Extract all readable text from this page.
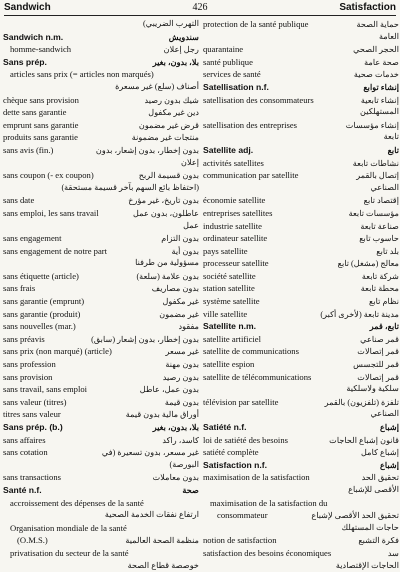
Sandwich	426	Satisfaction
التهرب الضريبي)
Sandwich n.m.	سندويش
homme-sandwich	رجل إعلان
Sans prép.	بلا، بدون، بغير
articles sans prix (= articles non marqués)
أصناف (سلع) غير مسعرة
chèque sans provision	شيك بدون رصيد
dette sans garantie	دين غير مكفول
emprunt sans garantie	قرض غير مضمون
produits sans garantie	منتجات غير مضمونة
sans avis (fin.)	بدون إخطار، بدون إشعار، بدون
إعلان
sans coupon (- ex coupon)	بدون قسيمة الربح
(احتفاظ بائع السهم بآخر قسيمة مستحقة)
sans date	بدون تاريخ، غير مؤرخ
sans emploi, les sans travail	عاطلون، بدون عمل
عمل
sans engagement	بدون التزام
sans engagement de notre part	بدون أية
مسؤولية من طرفنا
sans étiquette (article)	بدون علامة (سلعة)
sans frais	بدون مصاريف
sans garantie (emprunt)	غير مكفول
sans garantie (produit)	غير مضمون
sans nouvelles (mar.)	مفقود
sans préavis	بدون إخطار، بدون إشعار (سابق)
sans prix (non marqué) (article)	غير مسعر
sans profession	بدون مهنة
sans provision	بدون رصيد
sans travail, sans emploi	بدون عمل، عاطل
sans valeur (titres)	بدون قيمة
titres sans valeur	أوراق مالية بدون قيمة
Sans prép. (b.)	بلا، بدون، بغير
sans affaires	كاسد، راكد
sans cotation	غير مسعر، بدون تسعيرة (في
البورصة)
sans transactions	بدون معاملات
Santé n.f.	صحة
accroissement des dépenses de la santé
ارتفاع نفقات الخدمة الصحية
Organisation mondiale de la santé
(O.M.S.)	منظمة الصحة العالمية
privatisation du secteur de la santé
خوصصة قطاع الصحة
protection de la santé publique	حماية الصحة
العامة
quarantaine	الحجر الصحي
santé publique	صحة عامة
services de santé	خدمات صحية
Satellisation n.f.	إنشاء توابع
satellisation des consommateurs	إنشاء تابعية
المستهلكين
satellisation des entreprises	إنشاء مؤسسات
تابعة
Satellite adj.	تابع
activités satellites	نشاطات تابعة
communication par satellite	إتصال بالقمر
الصناعي
économie satellite	إقتصاد تابع
entreprises satellites	مؤسسات تابعة
industrie satellite	صناعة تابعة
ordinateur satellite	حاسوب تابع
pays satellite	بلد تابع
processeur satellite	معالج (مشغل) تابع
société satellite	شركة تابعة
station satellite	محطة تابعة
système satellite	نظام تابع
ville satellite	مدينة تابعة (لأخرى أكبر)
Satellite n.m.	تابع، قمر
satellite artificiel	قمر صناعي
satellite de communications	قمر إتصالات
satellite espion	قمر للتجسس
satellite de télécommunications	قمر إتصالات
سلكية ولاسلكية
télévision par satellite	تلفزة (تلفزيون) بالقمر
الصناعي
Satiété n.f.	إشباع
loi de satiété des besoins	قانون إشباع الحاجات
satiété complète	إشباع كامل
Satisfaction n.f.	إشباع
maximisation de la satisfaction	تحقيق الحد
الأقصى للإشباع
maximisation de la satisfaction du
consommateur	تحقيق الحد الأقصى لإشباع
حاجات المستهلك
notion de satisfaction	فكرة التشبع
satisfaction des besoins économiques	سد
الحاجات الإقتصادية
